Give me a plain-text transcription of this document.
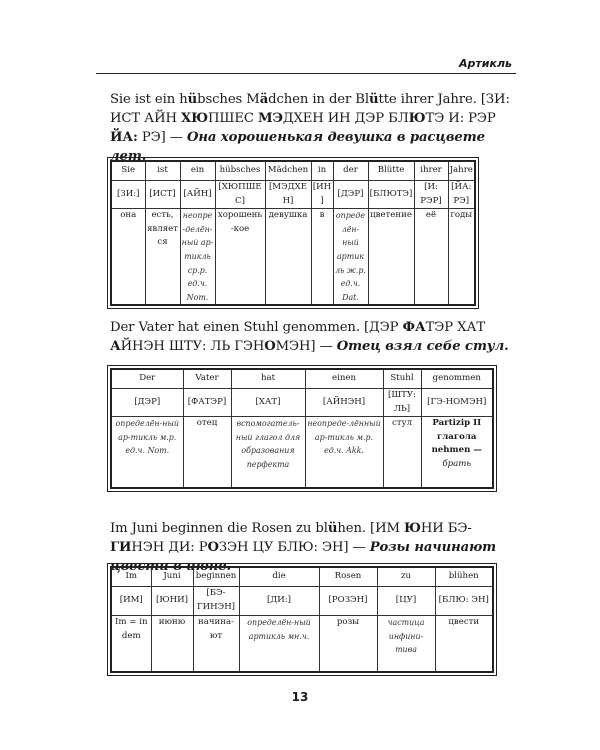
Артикль

Sie ist ein hübsches Mädchen in der Blütte ihrer Jahre. [ЗИ: ИСТ АЙН ХЮПШЕС МЭДХЕН ИН ДЭР БЛЮТЭ И: РЭР ЙА: РЭ] — Она хорошенькая девушка в расцвете лет.

Sie	ist	ein	hübsches	Mädchen	in	der	Blütte	ihrer	Jahre
[ЗИ:]	[ИСТ]	[АЙН]	[ХЮПШЕС]	[МЭДХЕН]	[ИН]	[ДЭР]	[БЛЮТЭ]	[И: РЭР]	[ЙА: РЭ]
она	есть, является	неопре-делён-ный ар-тикль ср.р. ед.ч. Nom.	хорошень-кое	девушка	в	определён-ный артикль ж.р. ед.ч. Dat.	цветение	её	годы

Der Vater hat einen Stuhl genommen. [ДЭР ФАТЭР ХАТ АЙНЭН ШТУ: ЛЬ ГЭНОМЭН] — Отец взял себе стул.

Der	Vater	hat	einen	Stuhl	genommen
[ДЭР]	[ФАТЭР]	[ХАТ]	[АЙНЭН]	[ШТУ: ЛЬ]	[ГЭ-НОМЭН]
определён-ный ар-тикль м.р. ед.ч. Nom.	отец	вспомогатель-ный глагол для образования перфекта	неопреде-лённый ар-тикль м.р. ед.ч. Akk.	стул	Partizip II глагола nehmen — брать

Im Juni beginnen die Rosen zu blühen. [ИМ ЮНИ БЭ-ГИНЭН ДИ: РОЗЭН ЦУ БЛЮ: ЭН] — Розы начинают цвести в июне.

Im	Juni	beginnen	die	Rosen	zu	blühen
[ИМ]	[ЮНИ]	[БЭ-ГИНЭН]	[ДИ:]	[РОЗЭН]	[ЦУ]	[БЛЮ: ЭН]
Im = in dem	июню	начина-ют	определён-ный артикль мн.ч.	розы	частица инфини-тива	цвести
13
